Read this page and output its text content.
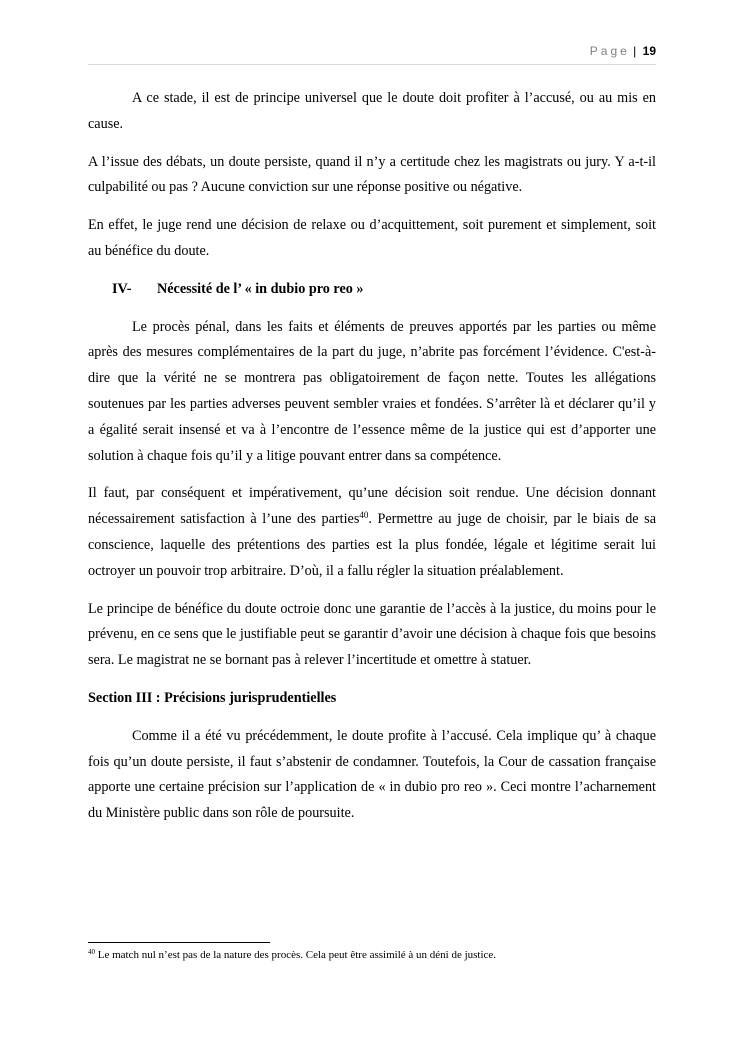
Page | 19

A ce stade, il est de principe universel que le doute doit profiter à l’accusé, ou au mis en cause.

A l’issue des débats, un doute persiste, quand il n’y a certitude chez les magistrats ou jury. Y a-t-il culpabilité ou pas ? Aucune conviction sur une réponse positive ou négative.

En effet, le juge rend une décision de relaxe ou d’acquittement, soit purement et simplement, soit au bénéfice du doute.

IV- Nécessité de l’ « in dubio pro reo »

Le procès pénal, dans les faits et éléments de preuves apportés par les parties ou même après des mesures complémentaires de la part du juge, n’abrite pas forcément l’évidence. C'est-à-dire que la vérité ne se montrera pas obligatoirement de façon nette. Toutes les allégations soutenues par les parties adverses peuvent sembler vraies et fondées. S’arrêter là et déclarer qu’il y a égalité serait insensé et va à l’encontre de l’essence même de la justice qui est d’apporter une solution à chaque fois qu’il y a litige pouvant entrer dans sa compétence.

Il faut, par conséquent et impérativement, qu’une décision soit rendue. Une décision donnant nécessairement satisfaction à l’une des parties$^{40}$. Permettre au juge de choisir, par le biais de sa conscience, laquelle des prétentions des parties est la plus fondée, légale et légitime serait lui octroyer un pouvoir trop arbitraire. D’où, il a fallu régler la situation préalablement.

Le principe de bénéfice du doute octroie donc une garantie de l’accès à la justice, du moins pour le prévenu, en ce sens que le justifiable peut se garantir d’avoir une décision à chaque fois que besoins sera. Le magistrat ne se bornant pas à relever l’incertitude et omettre à statuer.

Section III : Précisions jurisprudentielles

Comme il a été vu précédemment, le doute profite à l’accusé. Cela implique qu’ à chaque fois qu’un doute persiste, il faut s’abstenir de condamner. Toutefois, la Cour de cassation française apporte une certaine précision sur l’application de « in dubio pro reo ». Ceci montre l’acharnement du Ministère public dans son rôle de poursuite.

$^{40}$ Le match nul n’est pas de la nature des procès. Cela peut être assimilé à un déni de justice.
